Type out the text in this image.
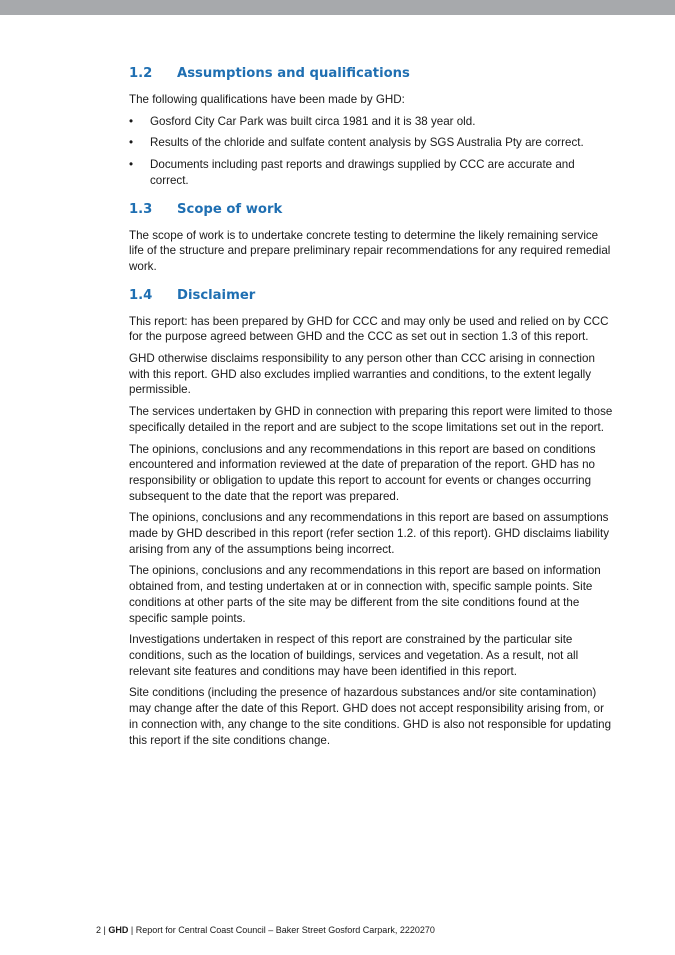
1.2	Assumptions and qualifications

The following qualifications have been made by GHD:

• Gosford City Car Park was built circa 1981 and it is 38 year old.
• Results of the chloride and sulfate content analysis by SGS Australia Pty are correct.
• Documents including past reports and drawings supplied by CCC are accurate and correct.
1.3	Scope of work

The scope of work is to undertake concrete testing to determine the likely remaining service life of the structure and prepare preliminary repair recommendations for any required remedial work.

1.4	Disclaimer

This report: has been prepared by GHD for CCC and may only be used and relied on by CCC for the purpose agreed between GHD and the CCC as set out in section 1.3 of this report.

GHD otherwise disclaims responsibility to any person other than CCC arising in connection with this report. GHD also excludes implied warranties and conditions, to the extent legally permissible.

The services undertaken by GHD in connection with preparing this report were limited to those specifically detailed in the report and are subject to the scope limitations set out in the report.

The opinions, conclusions and any recommendations in this report are based on conditions encountered and information reviewed at the date of preparation of the report. GHD has no responsibility or obligation to update this report to account for events or changes occurring subsequent to the date that the report was prepared.

The opinions, conclusions and any recommendations in this report are based on assumptions made by GHD described in this report (refer section 1.2. of this report). GHD disclaims liability arising from any of the assumptions being incorrect.

The opinions, conclusions and any recommendations in this report are based on information obtained from, and testing undertaken at or in connection with, specific sample points. Site conditions at other parts of the site may be different from the site conditions found at the specific sample points.

Investigations undertaken in respect of this report are constrained by the particular site conditions, such as the location of buildings, services and vegetation. As a result, not all relevant site features and conditions may have been identified in this report.

Site conditions (including the presence of hazardous substances and/or site contamination) may change after the date of this Report. GHD does not accept responsibility arising from, or in connection with, any change to the site conditions. GHD is also not responsible for updating this report if the site conditions change.

2 | GHD | Report for Central Coast Council – Baker Street Gosford Carpark, 2220270
